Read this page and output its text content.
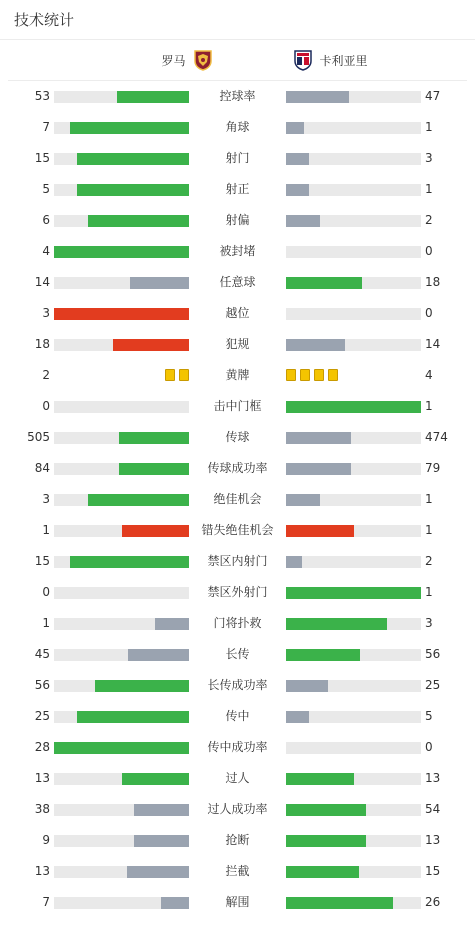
技术统计
罗马	卡利亚里
53	控球率	47
7	角球	1
15	射门	3
5	射正	1
6	射偏	2
4	被封堵	0
14	任意球	18
3	越位	0
18	犯规	14
2	黄牌	4
0	击中门框	1
505	传球	474
84	传球成功率	79
3	绝佳机会	1
1	错失绝佳机会	1
15	禁区内射门	2
0	禁区外射门	1
1	门将扑救	3
45	长传	56
56	长传成功率	25
25	传中	5
28	传中成功率	0
13	过人	13
38	过人成功率	54
9	抢断	13
13	拦截	15
7	解围	26
